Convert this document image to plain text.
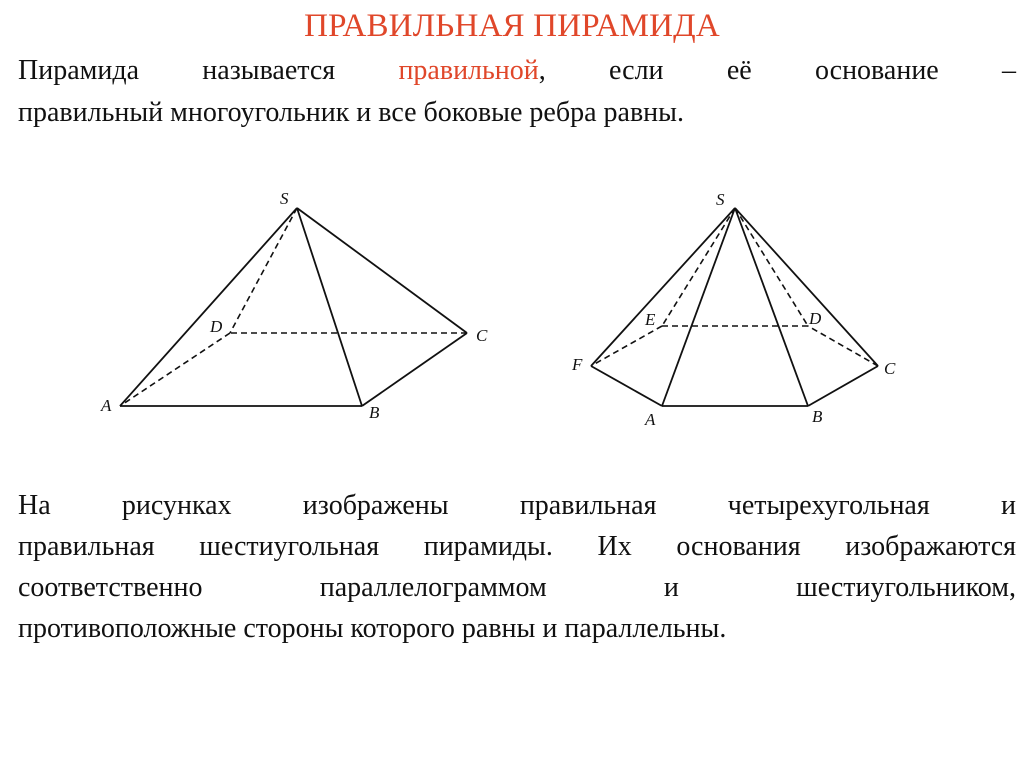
ПРАВИЛЬНАЯ ПИРАМИДА

Пирамида называется правильной, если её основание –
правильный многоугольник и все боковые ребра равны.

S
A	B
C
D
S
A	B
C
D
E
F

На рисунках изображены правильная четырехугольная и
правильная шестиугольная пирамиды. Их основания изображаются
соответственно параллелограммом и шестиугольником,
противоположные стороны которого равны и параллельны.
